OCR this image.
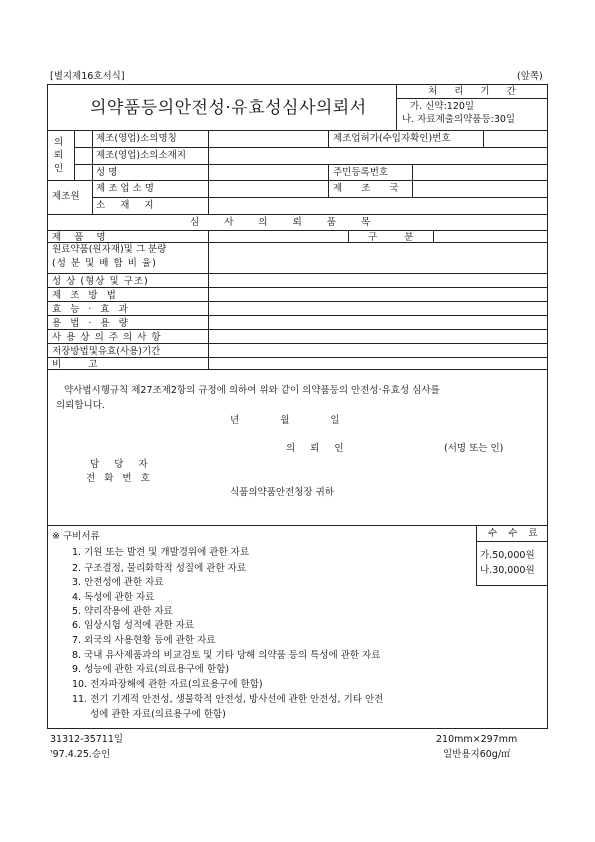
[별지제16호서식]	(앞쪽)
의약품등의안전성·유효성심사의뢰서
처 리 기 간
가. 신약:120일
나. 자료제출의약품등:30일
의뢰인
제조(영업)소의명칭	제조업허가(수입자확인)번호
제조(영업)소의소재지
성 명	주민등록번호
제조원
제 조 업 소 명	제 조 국
소 재 지
심 사 의 뢰 품 목
제 품 명	구 분
원료약품(원자재)및 그 분량
(성 분 및 배 합 비 율)
성 상 (형상 및 구조)
제 조 방 법
효 능 · 효 과
용 법 · 용 량
사 용 상 의 주 의 사 항
저장방법및유효(사용)기간
비 고
약사법시행규칙 제27조제2항의 규정에 의하여 위와 같이 의약품등의 안전성·유효성 심사를
의뢰합니다.
년 월 일
의 뢰 인	(서명 또는 인)
담 당 자
전 화 번 호
식품의약품안전청장 귀하
※ 구비서류
1. 기원 또는 발견 및 개발경위에 관한 자료
2. 구조결정, 물리화학적 성질에 관한 자료
3. 안전성에 관한 자료
4. 독성에 관한 자료
5. 약리작용에 관한 자료
6. 임상시험 성적에 관한 자료
7. 외국의 사용현황 등에 관한 자료
8. 국내 유사제품과의 비교검토 및 기타 당해 의약품 등의 특성에 관한 자료
9. 성능에 관한 자료(의료용구에 한함)
10. 전자파장해에 관한 자료(의료용구에 한함)
11. 전기 기계적 안전성, 생물학적 안전성, 방사선에 관한 안전성, 기타 안전
성에 관한 자료(의료용구에 한함)
수 수 료
가.50,000원
나.30,000원
31312-35711일
'97.4.25.승인
210mm×297mm
일반용지60g/㎡
